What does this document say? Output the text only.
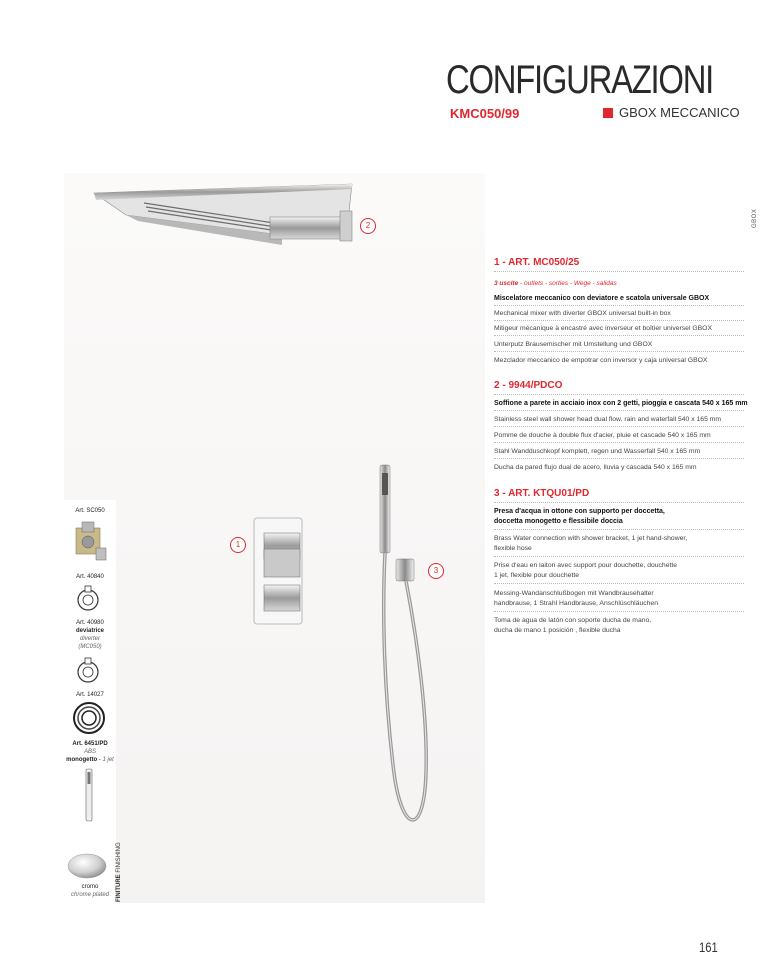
CONFIGURAZIONI
KMC050/99	GBOX MECCANICO
GBOX
2
1
3
Art. SC050
Art. 40840
Art. 40980
deviatrice
diverter
(MC050)
Art. 14027
Art. 6451/PD
ABS
monogetto - 1 jet
cromo
chrome plated	FINITURE FINISHING
1 - ART. MC050/25
3 uscite - outlets - sorties - Wege - salidas
Miscelatore meccanico con deviatore e scatola universale GBOX
Mechanical mixer with diverter GBOX universal built-in box
Mitigeur mécanique à encastré avec inverseur et boîtier universel GBOX
Unterputz Brausemischer mit Umstellung und GBOX
Mezclador meccanico de empotrar con inversor y caja universal GBOX
2 - 9944/PDCO
Soffione a parete in acciaio inox con 2 getti, pioggia e cascata 540 x 165 mm
Stainless steel wall shower head dual flow, rain and waterfall 540 x 165 mm
Pomme de douche à double flux d'acier, pluie et cascade 540 x 165 mm
Stahl Wandduschkopf komplett, regen und Wasserfall 540 x 165 mm
Ducha da pared flujo dual de acero, lluvia y cascada 540 x 165 mm
3 - ART. KTQU01/PD
Presa d'acqua in ottone con supporto per doccetta,
doccetta monogetto e flessibile doccia
Brass Water connection with shower bracket, 1 jet hand-shower,
flexible hose
Prise d'eau en laiton avec support pour douchette, douchette
1 jet, flexible pour douchette
Messing-Wandanschlußbogen mit Wandbrausehalter
handbrause, 1 Strahl Handbrause, Anschlüschläuchen
Toma de agua de latón con soporte ducha de mano,
ducha de mano 1 posición , flexible ducha
161
